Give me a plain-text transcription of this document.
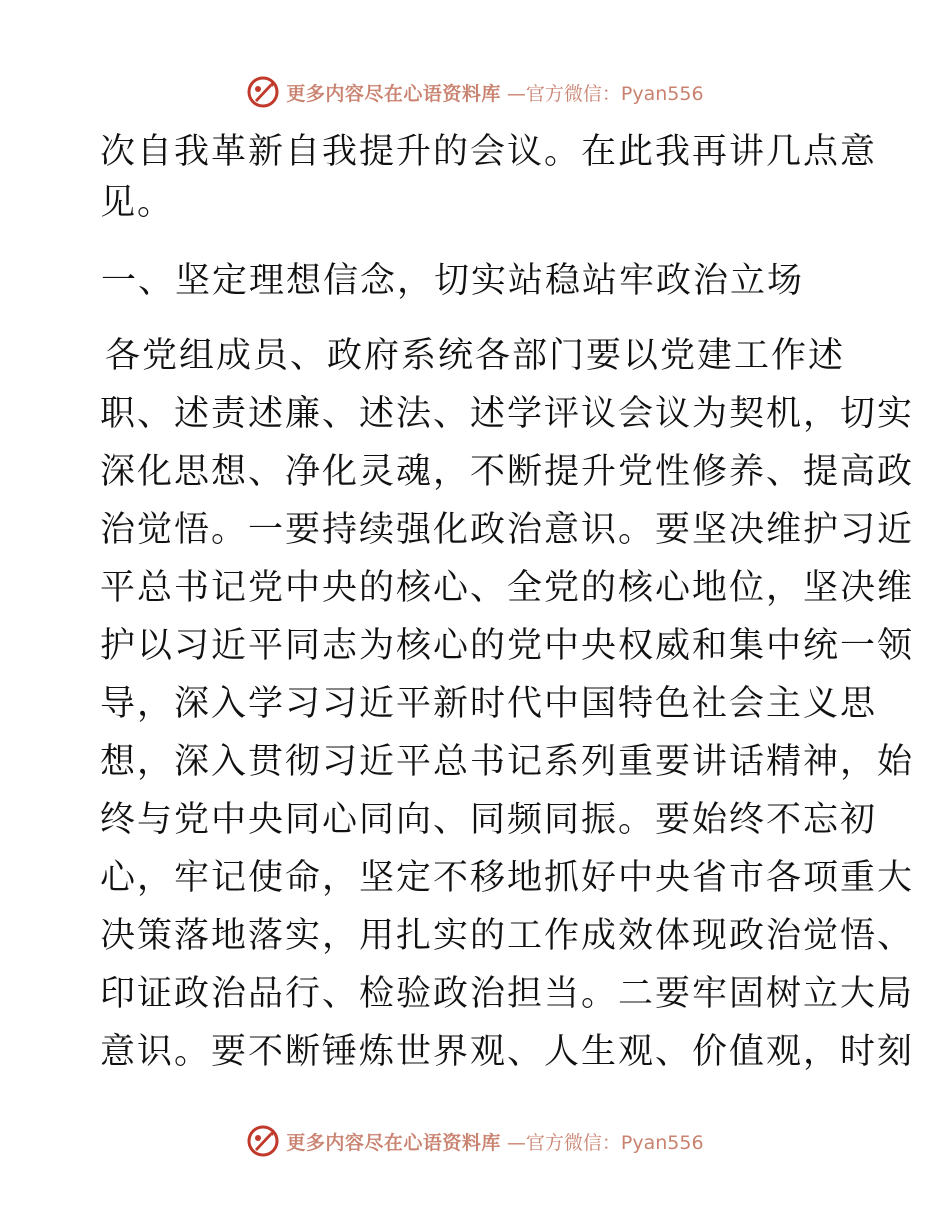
更多内容尽在心语资料库 —官方微信：Pyan556
次自我革新自我提升的会议。在此我再讲几点意
见。
一、坚定理想信念，切实站稳站牢政治立场
各党组成员、政府系统各部门要以党建工作述
职、述责述廉、述法、述学评议会议为契机，切实
深化思想、净化灵魂，不断提升党性修养、提高政
治觉悟。一要持续强化政治意识。要坚决维护习近
平总书记党中央的核心、全党的核心地位，坚决维
护以习近平同志为核心的党中央权威和集中统一领
导，深入学习习近平新时代中国特色社会主义思
想，深入贯彻习近平总书记系列重要讲话精神，始
终与党中央同心同向、同频同振。要始终不忘初
心，牢记使命，坚定不移地抓好中央省市各项重大
决策落地落实，用扎实的工作成效体现政治觉悟、
印证政治品行、检验政治担当。二要牢固树立大局
意识。要不断锤炼世界观、人生观、价值观，时刻
更多内容尽在心语资料库 —官方微信：Pyan556
